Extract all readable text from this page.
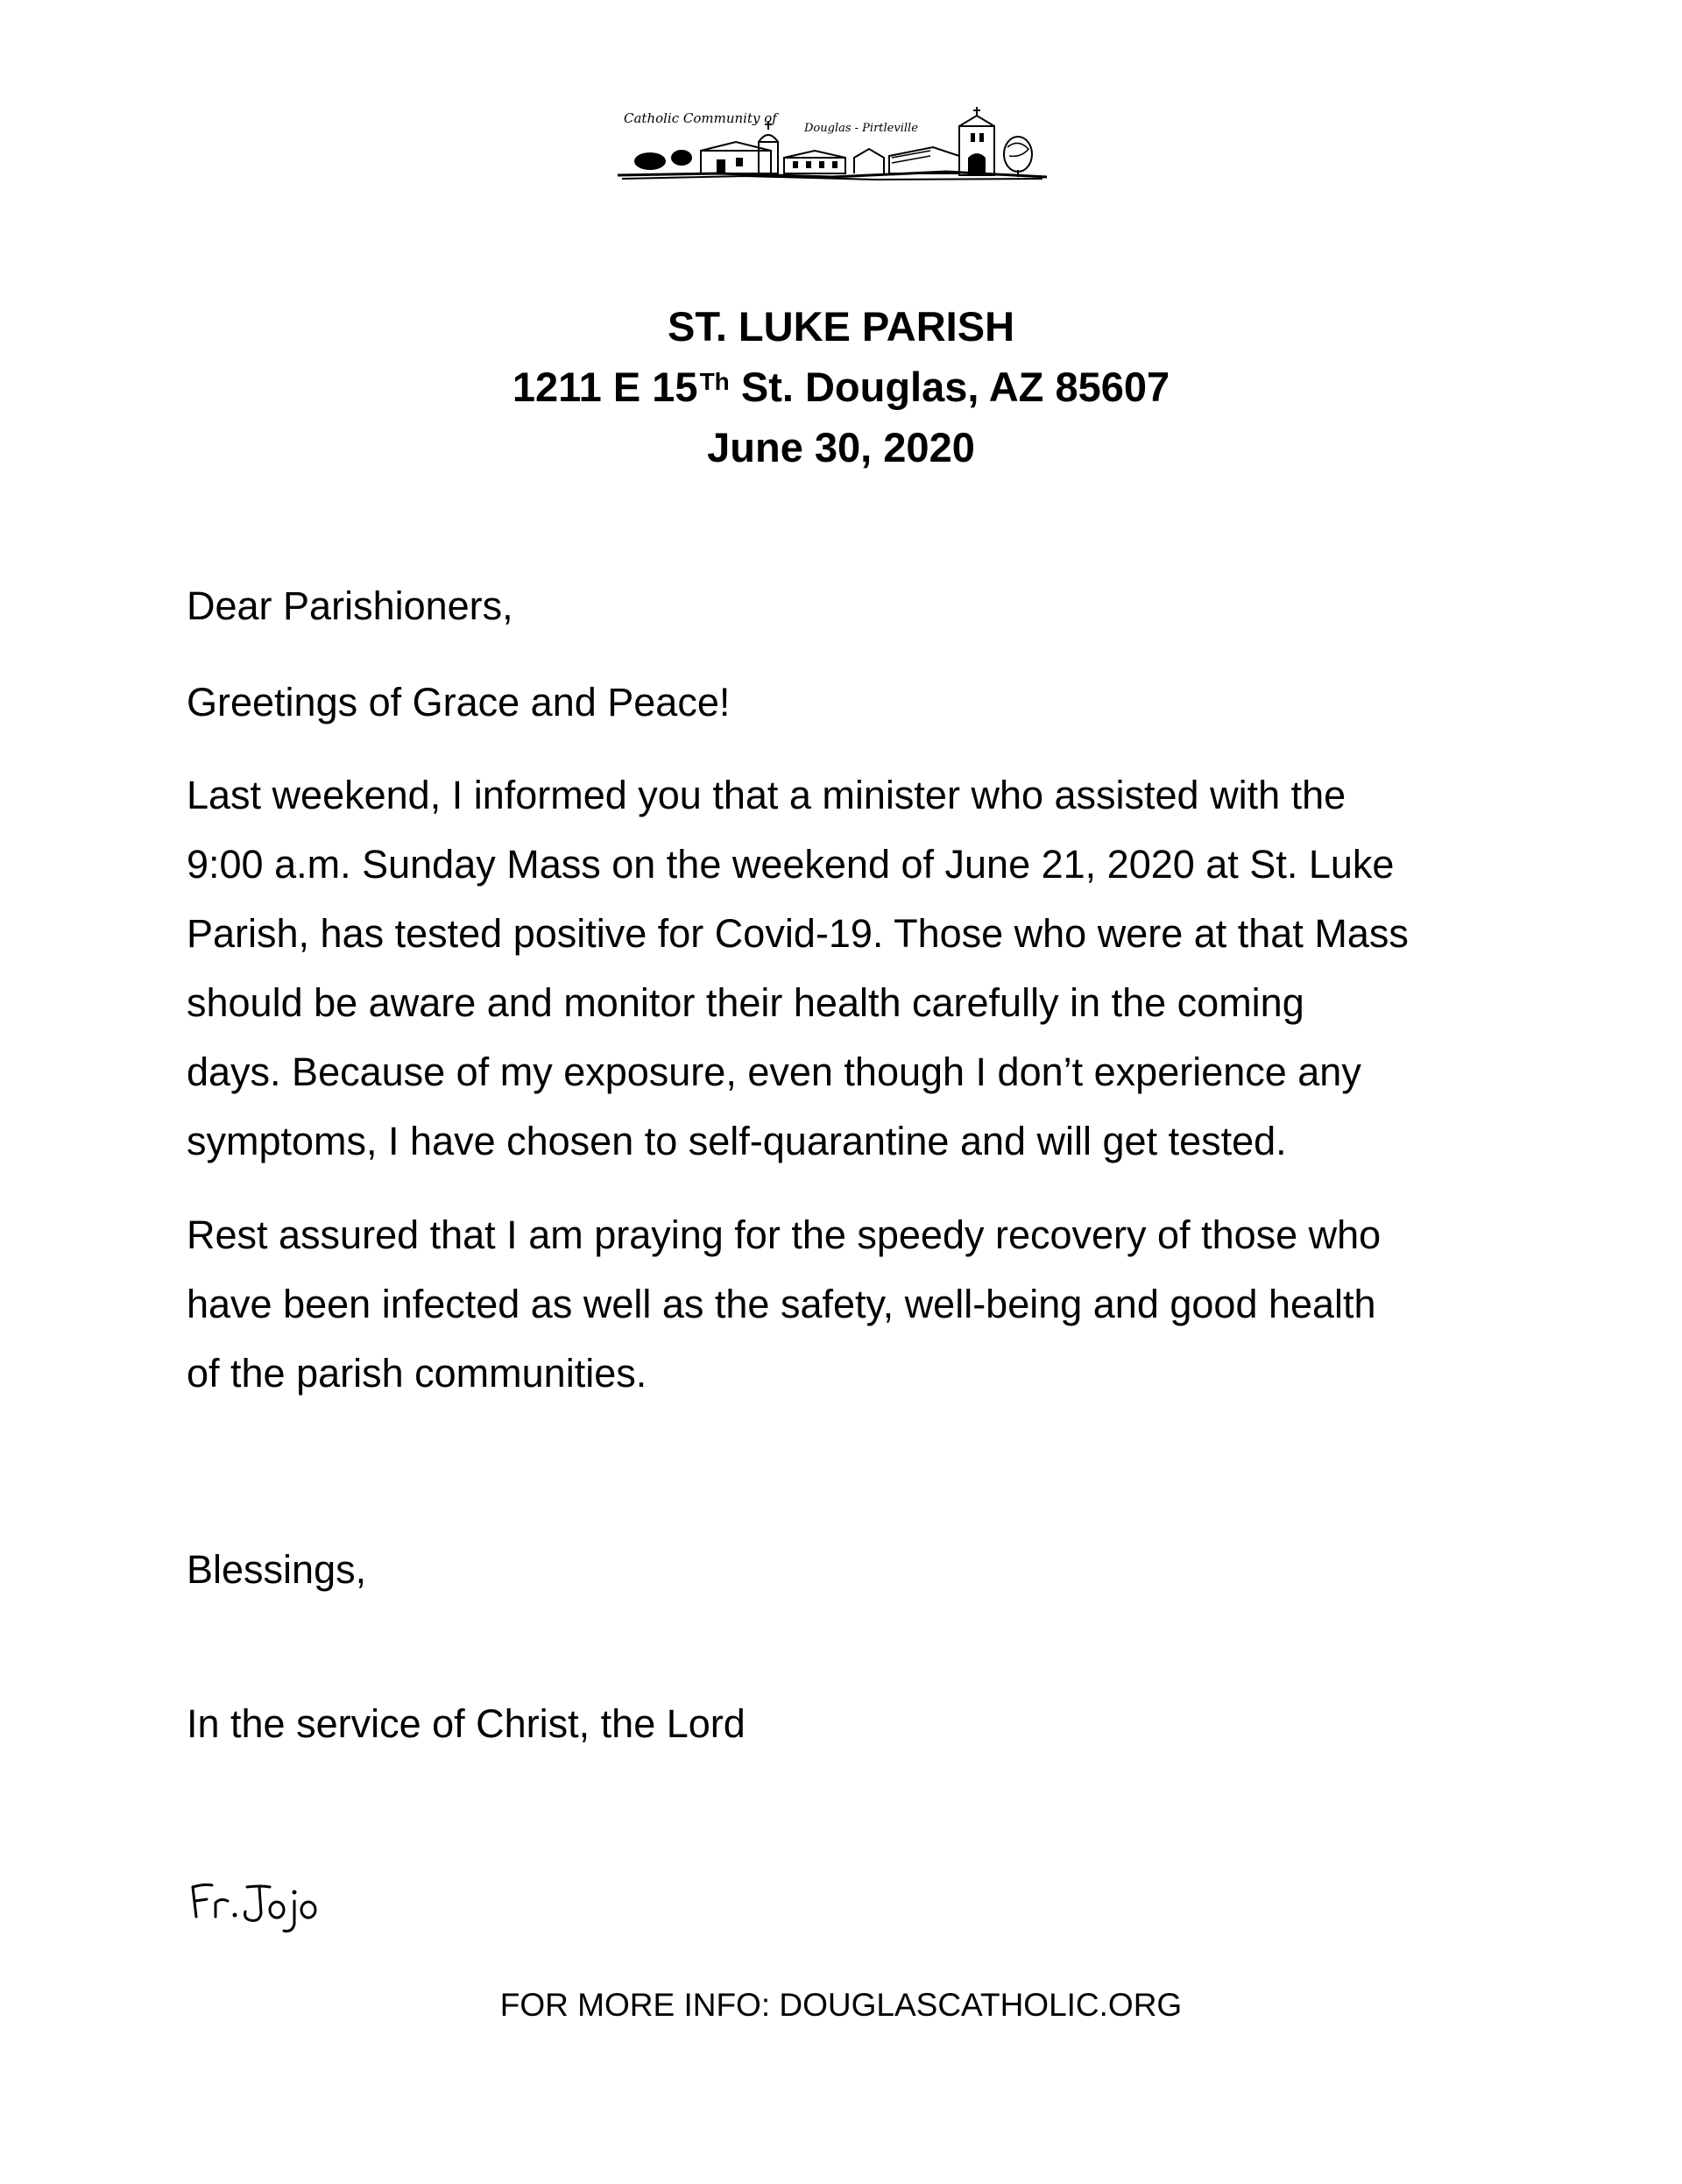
Catholic Community of
Douglas - Pirtleville
ST. LUKE PARISH
1211 E 15Th St. Douglas, AZ 85607
June 30, 2020
Dear Parishioners,
Greetings of Grace and Peace!
Last weekend, I informed you that a minister who assisted with the
9:00 a.m. Sunday Mass on the weekend of June 21, 2020 at St. Luke
Parish, has tested positive for Covid-19. Those who were at that Mass
should be aware and monitor their health carefully in the coming
days. Because of my exposure, even though I don’t experience any
symptoms, I have chosen to self-quarantine and will get tested.
Rest assured that I am praying for the speedy recovery of those who
have been infected as well as the safety, well-being and good health
of the parish communities.
Blessings,
In the service of Christ, the Lord
FOR MORE INFO: DOUGLASCATHOLIC.ORG
